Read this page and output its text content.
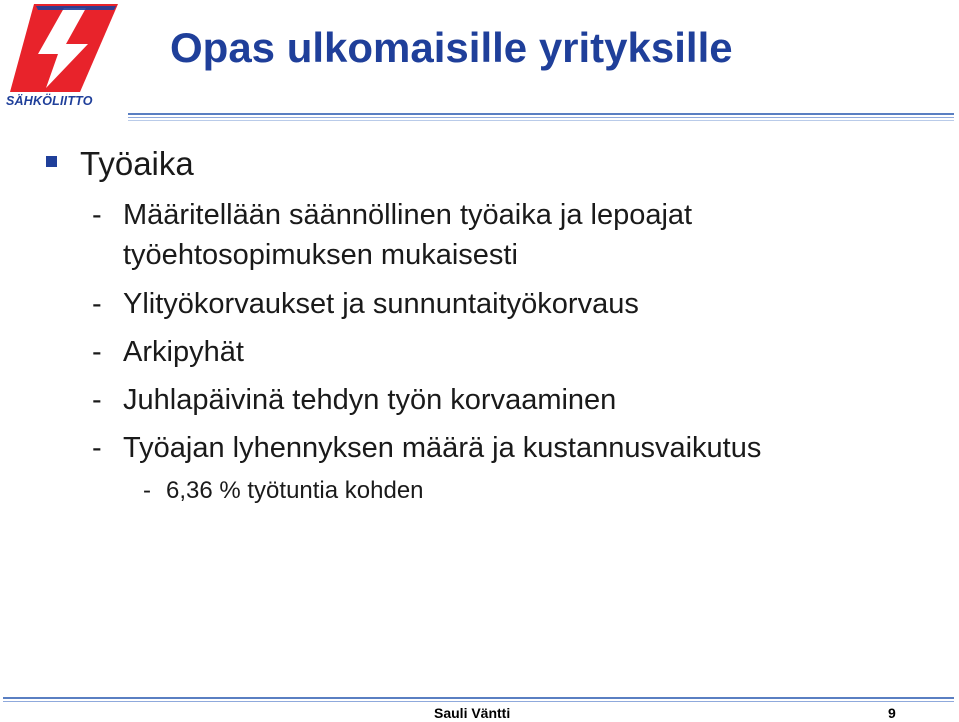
SÄHKÖLIITTO
Opas ulkomaisille yrityksille
Työaika
- Määritellään säännöllinen työaika ja lepoajat
työehtosopimuksen mukaisesti
- Ylityökorvaukset ja sunnuntaityökorvaus
- Arkipyhät
- Juhlapäivinä tehdyn työn korvaaminen
- Työajan lyhennyksen määrä ja kustannusvaikutus
- 6,36 % työtuntia kohden
Sauli Väntti	9
